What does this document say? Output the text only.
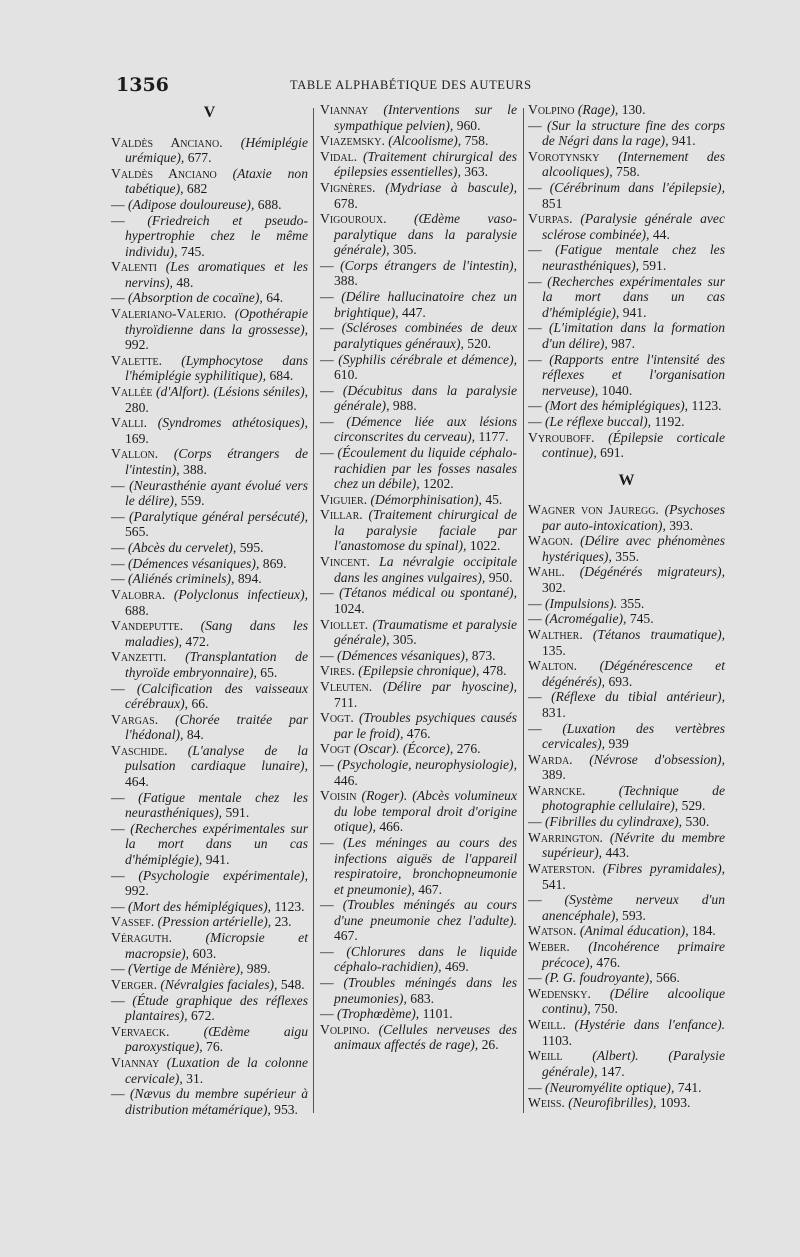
1356	TABLE ALPHABÉTIQUE DES AUTEURS
V
Valdès Anciano. (Hémiplégie urémique), 677.
Valdès Anciano (Ataxie non tabétique), 682
— (Adipose douloureuse), 688.
— (Friedreich et pseudo-hypertrophie chez le même individu), 745.
Valenti (Les aromatiques et les nervins), 48.
— (Absorption de cocaïne), 64.
Valeriano-Valerio. (Opothérapie thyroïdienne dans la grossesse), 992.
Valette. (Lymphocytose dans l'hémiplégie syphilitique), 684.
Vallée (d'Alfort). (Lésions séniles), 280.
Valli. (Syndromes athétosiques), 169.
Vallon. (Corps étrangers de l'intestin), 388.
— (Neurasthénie ayant évolué vers le délire), 559.
— (Paralytique général persécuté), 565.
— (Abcès du cervelet), 595.
— (Démences vésaniques), 869.
— (Aliénés criminels), 894.
Valobra. (Polyclonus infectieux), 688.
Vandeputte. (Sang dans les maladies), 472.
Vanzetti. (Transplantation de thyroïde embryonnaire), 65.
— (Calcification des vaisseaux cérébraux), 66.
Vargas. (Chorée traitée par l'hédonal), 84.
Vaschide. (L'analyse de la pulsation cardiaque lunaire), 464.
— (Fatigue mentale chez les neurasthéniques), 591.
— (Recherches expérimentales sur la mort dans un cas d'hémiplégie), 941.
— (Psychologie expérimentale), 992.
— (Mort des hémiplégiques), 1123.
Vassef. (Pression artérielle), 23.
Véraguth. (Micropsie et macropsie), 603.
— (Vertige de Ménière), 989.
Verger. (Névralgies faciales), 548.
— (Étude graphique des réflexes plantaires), 672.
Vervaeck.	(Œdème aigu paroxystique), 76.
Viannay (Luxation de la colonne cervicale), 31.
— (Nævus du membre supérieur à distribution métamérique), 953.
Viannay (Interventions sur le sympathique pelvien), 960.
Viazemsky. (Alcoolisme), 758.
Vidal. (Traitement chirurgical des épilepsies essentielles), 363.
Vignères. (Mydriase à bascule), 678.
Vigouroux. (Œdème vaso-paralytique dans la paralysie générale), 305.
— (Corps étrangers de l'intestin), 388.
— (Délire hallucinatoire chez un brightique), 447.
— (Scléroses combinées de deux paralytiques généraux), 520.
— (Syphilis cérébrale et démence), 610.
— (Décubitus dans la paralysie générale), 988.
— (Démence liée aux lésions circonscrites du cerveau), 1177.
— (Écoulement du liquide céphalo-rachidien par les fosses nasales chez un débile), 1202.
Viguier. (Démorphinisation), 45.
Villar. (Traitement chirurgical de la paralysie faciale par l'anastomose du spinal), 1022.
Vincent. La névralgie occipitale dans les angines vulgaires), 950.
— (Tétanos médical ou spontané), 1024.
Viollet. (Traumatisme et paralysie générale), 305.
— (Démences vésaniques), 873.
Vires. (Epilepsie chronique), 478.
Vleuten. (Délire par hyoscine), 711.
Vogt. (Troubles psychiques causés par le froid), 476.
Vogt (Oscar). (Écorce), 276.
— (Psychologie, neurophysiologie), 446.
Voisin (Roger). (Abcès volumineux du lobe temporal droit d'origine otique), 466.
— (Les méninges au cours des infections aiguës de l'appareil respiratoire, bronchopneumonie et pneumonie), 467.
— (Troubles méningés au cours d'une pneumonie chez l'adulte). 467.
— (Chlorures dans le liquide céphalo-rachidien), 469.
— (Troubles méningés dans les pneumonies), 683.
— (Trophœdème), 1101.
Volpino. (Cellules nerveuses des animaux affectés de rage), 26.
Volpino (Rage), 130.
— (Sur la structure fine des corps de Négri dans la rage), 941.
Vorotynsky (Internement des alcooliques), 758.
— (Cérébrinum dans l'épilepsie), 851
Vurpas. (Paralysie générale avec sclérose combinée), 44.
— (Fatigue mentale chez les neurasthéniques), 591.
— (Recherches expérimentales sur la mort dans un cas d'hémiplégie), 941.
— (L'imitation dans la formation d'un délire), 987.
— (Rapports entre l'intensité des réflexes et l'organisation nerveuse), 1040.
— (Mort des hémiplégiques), 1123.
— (Le réflexe buccal), 1192.
Vyroubоff. (Épilepsie corticale continue), 691.
W
Wagner von Jauregg. (Psychoses par auto-intoxication), 393.
Wagon. (Délire avec phénomènes hystériques), 355.
Wahl. (Dégénérés migrateurs), 302.
— (Impulsions). 355.
— (Acromégalie), 745.
Walther. (Tétanos traumatique), 135.
Walton. (Dégénérescence et dégénérés), 693.
— (Réflexe du tibial antérieur), 831.
— (Luxation des vertèbres cervicales), 939
Warda. (Névrose d'obsession), 389.
Warncke. (Technique de photographie cellulaire), 529.
— (Fibrilles du cylindraxe), 530.
Warrington. (Névrite du membre supérieur), 443.
Waterston. (Fibres pyramidales), 541.
— (Système nerveux d'un anencéphale), 593.
Watson. (Animal éducation), 184.
Weber. (Incohérence primaire précoce), 476.
— (P. G. foudroyante), 566.
Wedensky. (Délire alcoolique continu), 750.
Weill. (Hystérie dans l'enfance). 1103.
Weill (Albert). (Paralysie générale), 147.
— (Neuromyélite optique), 741.
Weiss. (Neurofibrilles), 1093.
